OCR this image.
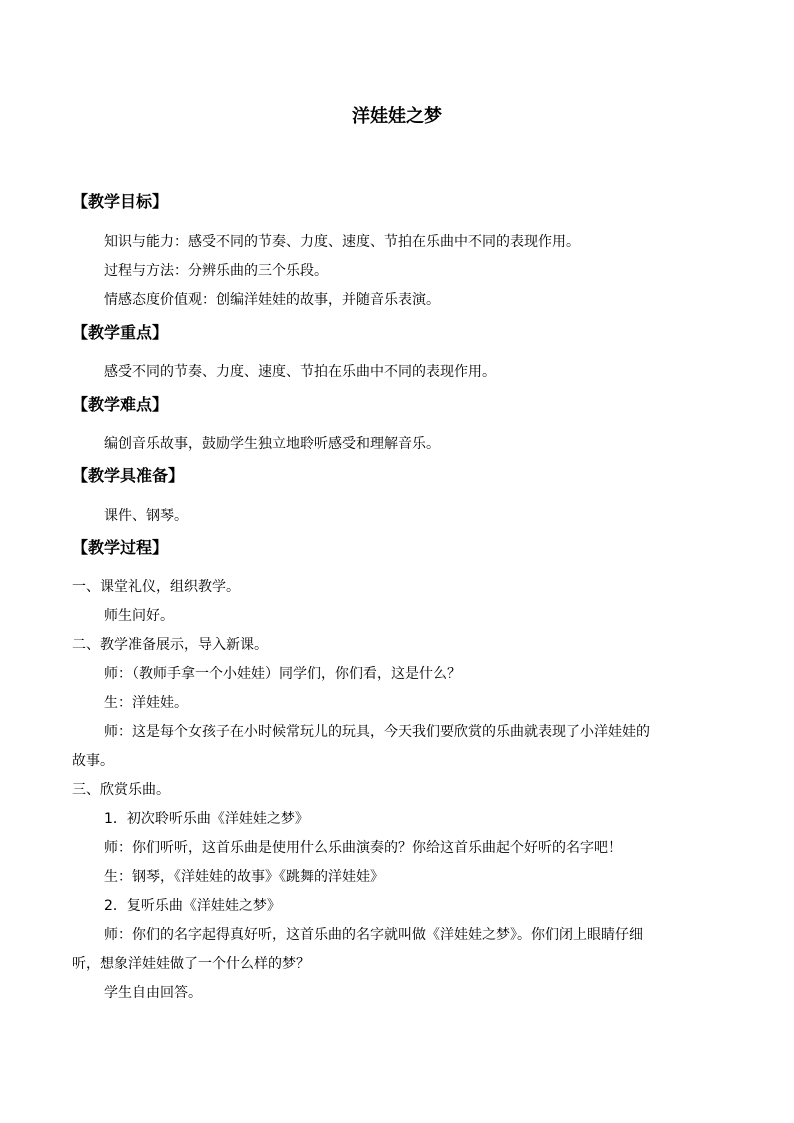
洋娃娃之梦
【教学目标】
知识与能力：感受不同的节奏、力度、速度、节拍在乐曲中不同的表现作用。
过程与方法：分辨乐曲的三个乐段。
情感态度价值观：创编洋娃娃的故事，并随音乐表演。
【教学重点】
感受不同的节奏、力度、速度、节拍在乐曲中不同的表现作用。
【教学难点】
编创音乐故事，鼓励学生独立地聆听感受和理解音乐。
【教学具准备】
课件、钢琴。
【教学过程】
一、课堂礼仪，组织教学。
师生问好。
二、教学准备展示，导入新课。
师：（教师手拿一个小娃娃）同学们，你们看，这是什么？
生：洋娃娃。
师：这是每个女孩子在小时候常玩儿的玩具，今天我们要欣赏的乐曲就表现了小洋娃娃的
故事。
三、欣赏乐曲。
1．初次聆听乐曲《洋娃娃之梦》
师：你们听听，这首乐曲是使用什么乐曲演奏的？你给这首乐曲起个好听的名字吧！
生：钢琴，《洋娃娃的故事》《跳舞的洋娃娃》
2．复听乐曲《洋娃娃之梦》
师：你们的名字起得真好听，这首乐曲的名字就叫做《洋娃娃之梦》。你们闭上眼睛仔细
听，想象洋娃娃做了一个什么样的梦？
学生自由回答。
